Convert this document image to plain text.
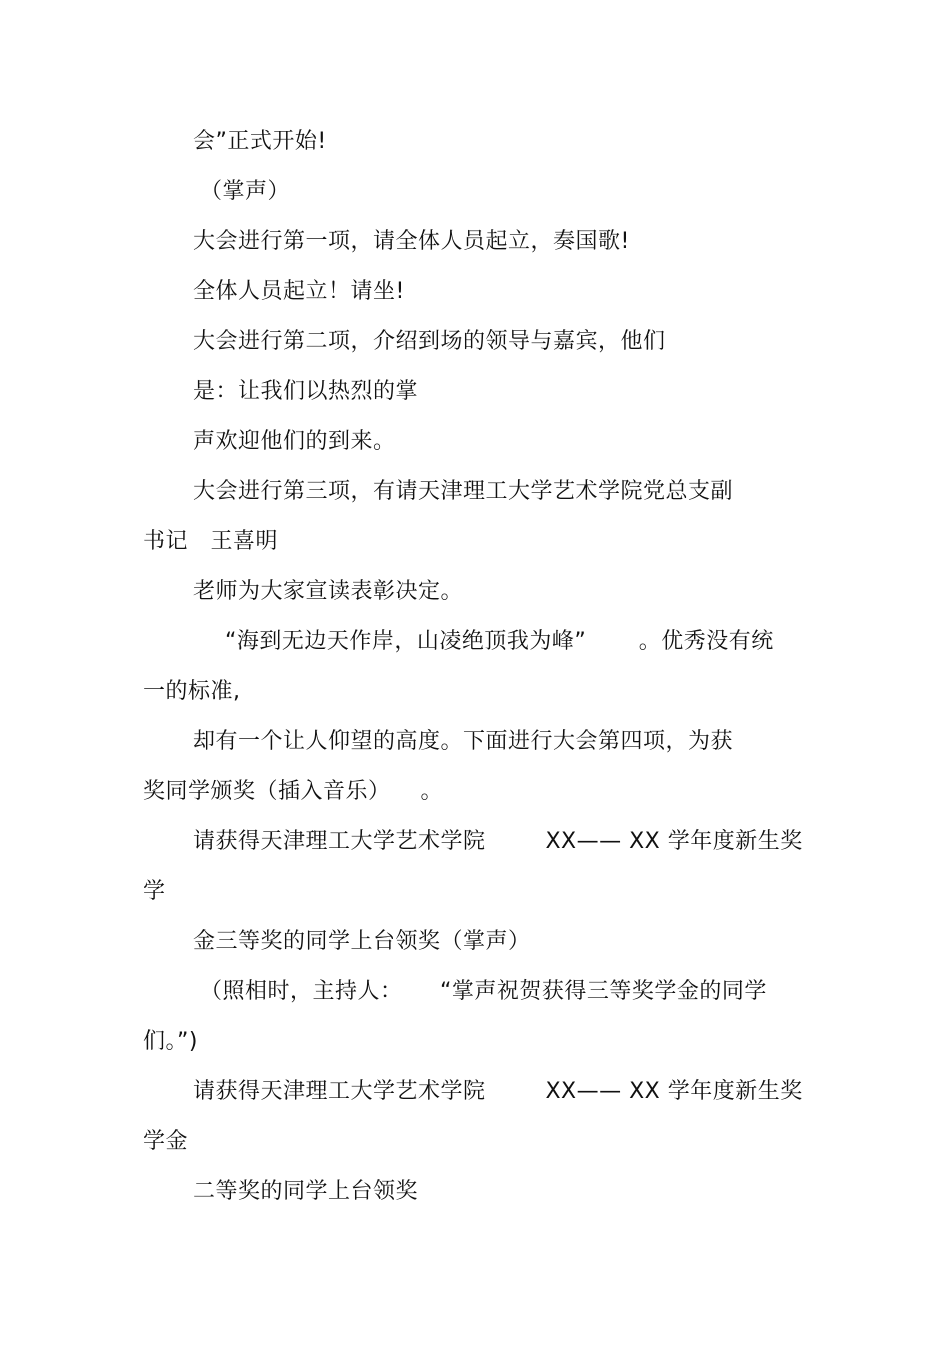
会”正式开始!
（掌声）
大会进行第一项，请全体人员起立，奏国歌!
全体人员起立！请坐!
大会进行第二项，介绍到场的领导与嘉宾，他们
是：让我们以热烈的掌
声欢迎他们的到来。
大会进行第三项，有请天津理工大学艺术学院党总支副
书记   王喜明
老师为大家宣读表彰决定。
“海到无边天作岸，山凌绝顶我为峰”       。优秀没有统
一的标准,
却有一个让人仰望的高度。下面进行大会第四项，为获
奖同学颁奖（插入音乐）    。
请获得天津理工大学艺术学院        XX—— XX 学年度新生奖
学
金三等奖的同学上台领奖（掌声）
（照相时，主持人：     “掌声祝贺获得三等奖学金的同学
们。”)
请获得天津理工大学艺术学院        XX—— XX 学年度新生奖
学金
二等奖的同学上台领奖
